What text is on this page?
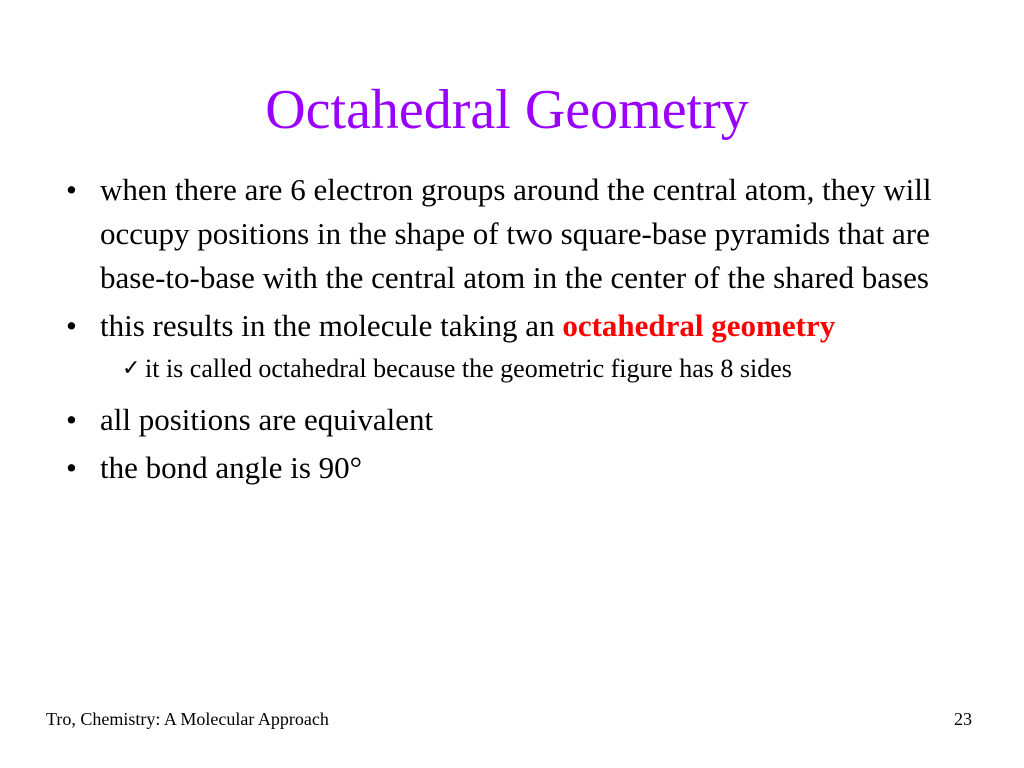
Octahedral Geometry
• when there are 6 electron groups around the central atom, they will occupy positions in the shape of two square-base pyramids that are base-to-base with the central atom in the center of the shared bases
• this results in the molecule taking an octahedral geometry
✓ it is called octahedral because the geometric figure has 8 sides
• all positions are equivalent
• the bond angle is 90°
Tro, Chemistry: A Molecular Approach	23
